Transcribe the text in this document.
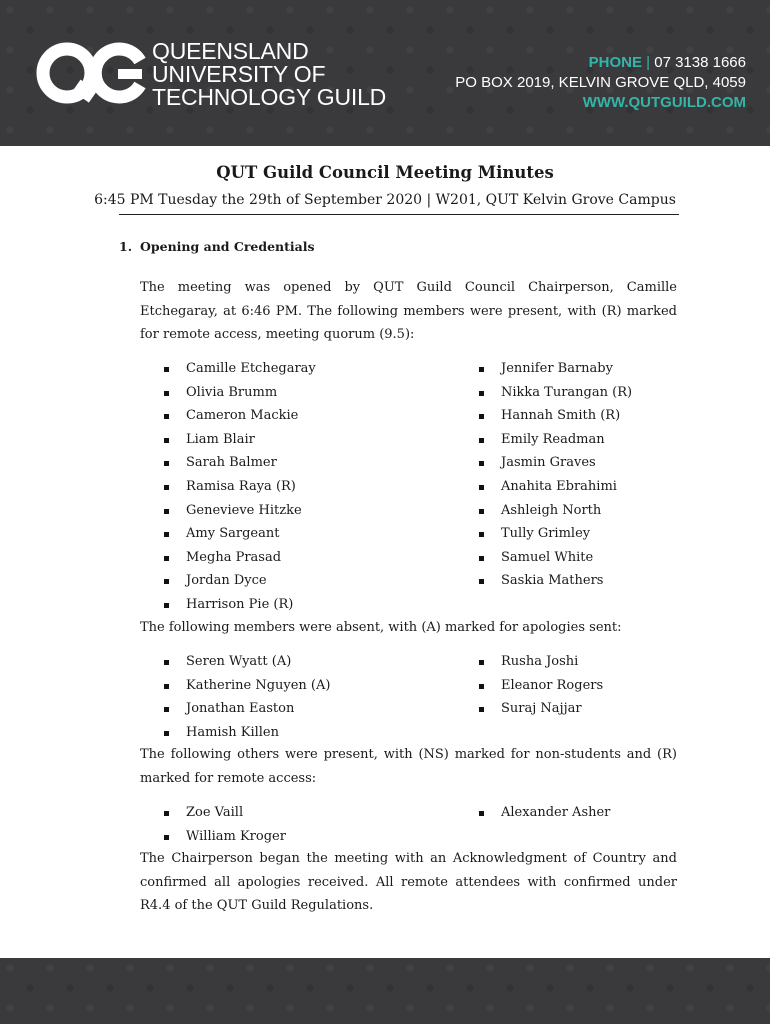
QUEENSLAND
UNIVERSITY OF
TECHNOLOGY GUILD
PHONE | 07 3138 1666
PO BOX 2019, KELVIN GROVE QLD, 4059
WWW.QUTGUILD.COM
QUT Guild Council Meeting Minutes
6:45 PM Tuesday the 29th of September 2020 | W201, QUT Kelvin Grove Campus
1. Opening and Credentials
The meeting was opened by QUT Guild Council Chairperson, Camille Etchegaray, at 6:46 PM. The following members were present, with (R) marked for remote access, meeting quorum (9.5):
Camille Etchegaray
Olivia Brumm
Cameron Mackie
Liam Blair
Sarah Balmer
Ramisa Raya (R)
Genevieve Hitzke
Amy Sargeant
Megha Prasad
Jordan Dyce
Harrison Pie (R)
Jennifer Barnaby
Nikka Turangan (R)
Hannah Smith (R)
Emily Readman
Jasmin Graves
Anahita Ebrahimi
Ashleigh North
Tully Grimley
Samuel White
Saskia Mathers
The following members were absent, with (A) marked for apologies sent:
Seren Wyatt (A)
Katherine Nguyen (A)
Jonathan Easton
Hamish Killen
Rusha Joshi
Eleanor Rogers
Suraj Najjar
The following others were present, with (NS) marked for non-students and (R) marked for remote access:
Zoe Vaill
William Kroger
Alexander Asher
The Chairperson began the meeting with an Acknowledgment of Country and confirmed all apologies received. All remote attendees with confirmed under R4.4 of the QUT Guild Regulations.
